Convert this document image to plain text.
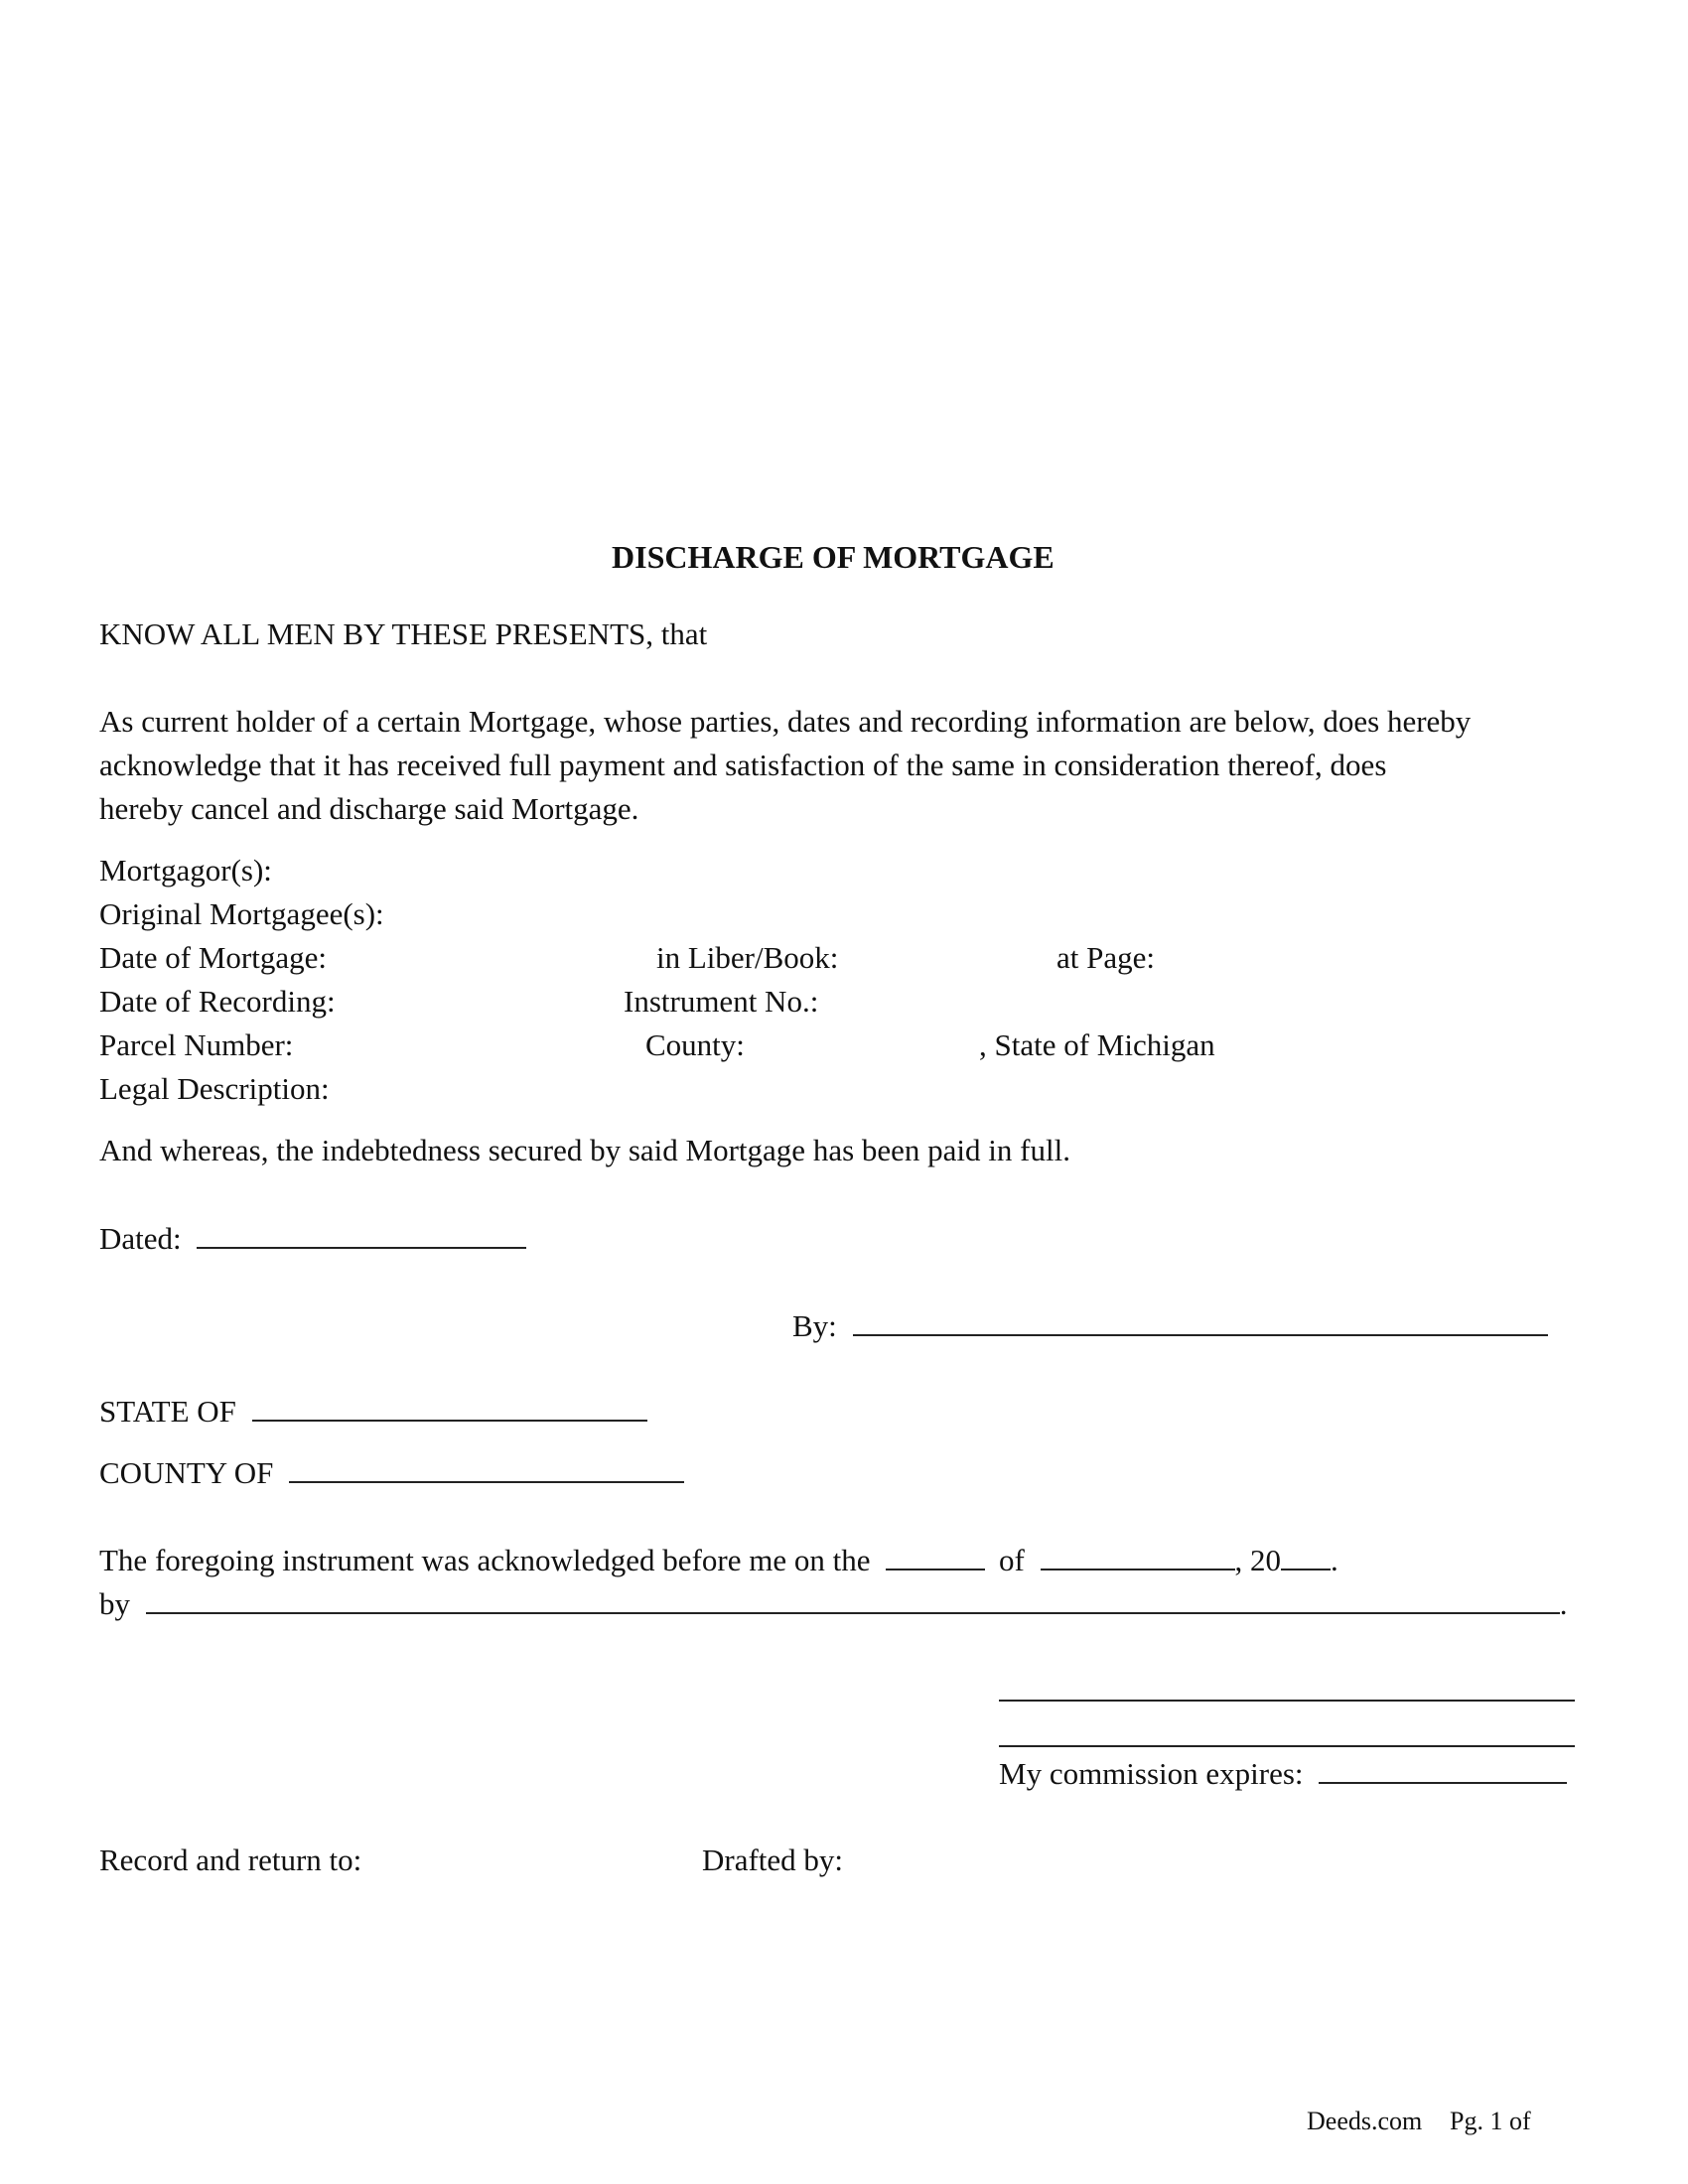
DISCHARGE OF MORTGAGE
KNOW ALL MEN BY THESE PRESENTS, that
As current holder of a certain Mortgage, whose parties, dates and recording information are below, does hereby
acknowledge that it has received full payment and satisfaction of the same in consideration thereof, does
hereby cancel and discharge said Mortgage.
Mortgagor(s):
Original Mortgagee(s):
Date of Mortgage:	in Liber/Book:	at Page:
Date of Recording:	Instrument No.:
Parcel Number:	County:	, State of Michigan
Legal Description:
And whereas, the indebtedness secured by said Mortgage has been paid in full.
Dated:
By:
STATE OF
COUNTY OF
The foregoing instrument was acknowledged before me on the	of	, 20 .
by	.
My commission expires:
Record and return to:	Drafted by:
Deeds.com Pg. 1 of
